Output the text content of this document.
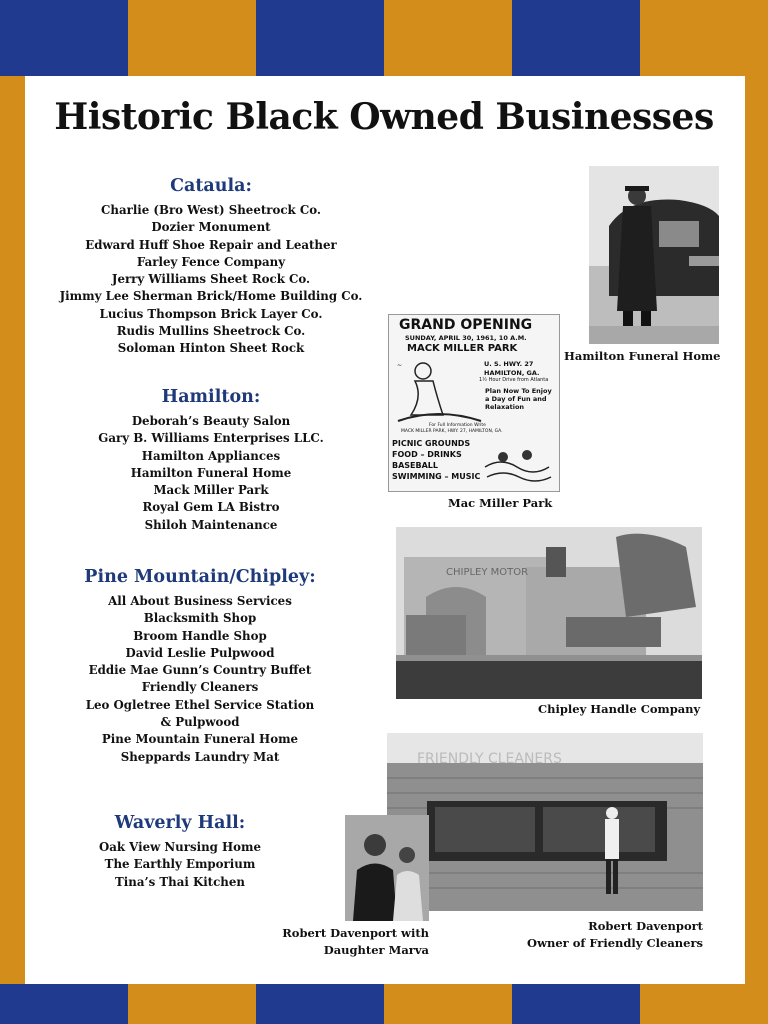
Historic Black Owned Businesses
Cataula:
Charlie (Bro West) Sheetrock Co.
Dozier Monument
Edward Huff Shoe Repair and Leather
Farley Fence Company
Jerry Williams Sheet Rock Co.
Jimmy Lee Sherman Brick/Home Building Co.
Lucius Thompson Brick Layer Co.
Rudis Mullins Sheetrock Co.
Soloman Hinton Sheet Rock
Hamilton:
Deborah’s Beauty Salon
Gary B. Williams Enterprises LLC.
Hamilton Appliances
Hamilton Funeral Home
Mack Miller Park
Royal Gem LA Bistro
Shiloh Maintenance
Pine Mountain/Chipley:
All About Business Services
Blacksmith Shop
Broom Handle Shop
David Leslie Pulpwood
Eddie Mae Gunn’s Country Buffet
Friendly Cleaners
Leo Ogletree Ethel Service Station
& Pulpwood
Pine Mountain Funeral Home
Sheppards Laundry Mat
Waverly Hall:
Oak View Nursing Home
The Earthly Emporium
Tina’s Thai Kitchen
Hamilton Funeral Home
GRAND OPENING
SUNDAY, APRIL 30, 1961, 10 A.M.
MACK MILLER PARK
~	U. S. HWY. 27
HAMILTON, GA.
1½ Hour Drive from Atlanta
Plan Now To Enjoy
a Day of Fun and
Relaxation
For Full Information Write
MACK MILLER PARK, HWY. 27, HAMILTON, GA.
PICNIC GROUNDS
FOOD – DRINKS
BASEBALL
SWIMMING – MUSIC
Mac Miller Park
CHIPLEY MOTOR
Chipley Handle Company
FRIENDLY CLEANERS
Robert Davenport
Owner of Friendly Cleaners
Robert Davenport with
Daughter Marva
